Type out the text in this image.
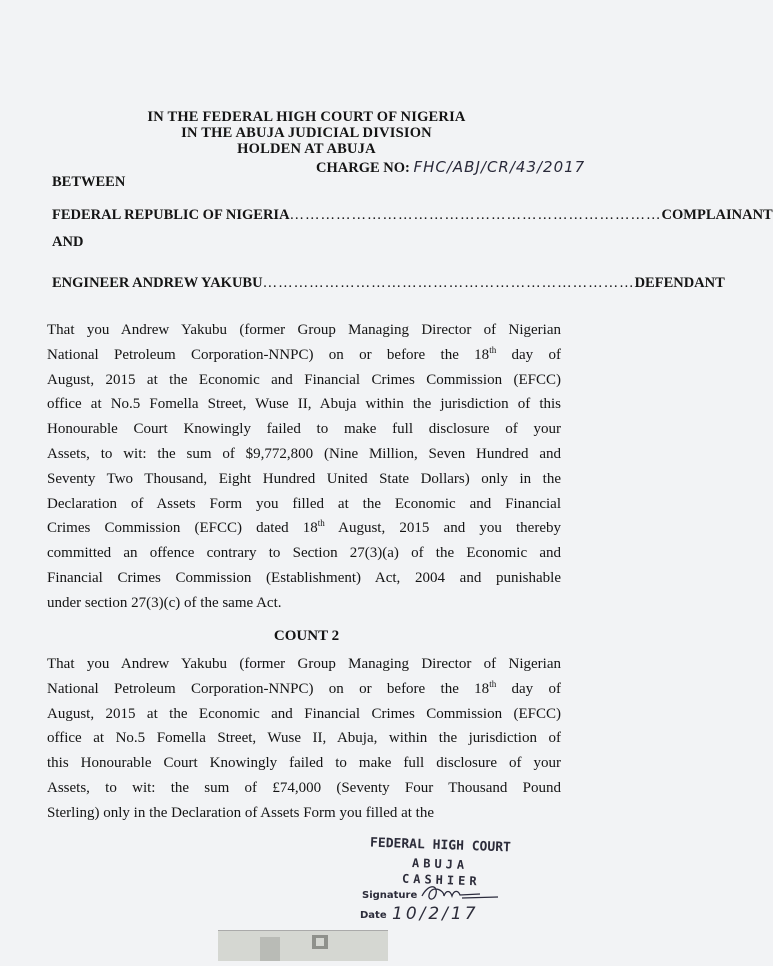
IN THE FEDERAL HIGH COURT OF NIGERIA
IN THE ABUJA JUDICIAL DIVISION
HOLDEN AT ABUJA
CHARGE NO: FHC/ABJ/CR/43/2017
BETWEEN
FEDERAL REPUBLIC OF NIGERIA ……………………………………………………………… COMPLAINANT
AND
ENGINEER ANDREW YAKUBU ……………………………………………………………… DEFENDANT
That you Andrew Yakubu (former Group Managing Director of Nigerian
National Petroleum Corporation-NNPC) on or before the 18th day of
August, 2015 at the Economic and Financial Crimes Commission (EFCC)
office at No.5 Fomella Street, Wuse II, Abuja within the jurisdiction of this
Honourable Court Knowingly failed to make full disclosure of your
Assets, to wit: the sum of $9,772,800 (Nine Million, Seven Hundred and
Seventy Two Thousand, Eight Hundred United State Dollars) only in the
Declaration of Assets Form you filled at the Economic and Financial
Crimes Commission (EFCC) dated 18th August, 2015 and you thereby
committed an offence contrary to Section 27(3)(a) of the Economic and
Financial Crimes Commission (Establishment) Act, 2004 and punishable
under section 27(3)(c) of the same Act.
COUNT 2
That you Andrew Yakubu (former Group Managing Director of Nigerian
National Petroleum Corporation-NNPC) on or before the 18th day of
August, 2015 at the Economic and Financial Crimes Commission (EFCC)
office at No.5 Fomella Street, Wuse II, Abuja, within the jurisdiction of
this Honourable Court Knowingly failed to make full disclosure of your
Assets, to wit: the sum of £74,000 (Seventy Four Thousand Pound
Sterling) only in the Declaration of Assets Form you filled at the
FEDERAL HIGH COURT
ABUJA
CASHIER
Signature
Date 10/2/17
